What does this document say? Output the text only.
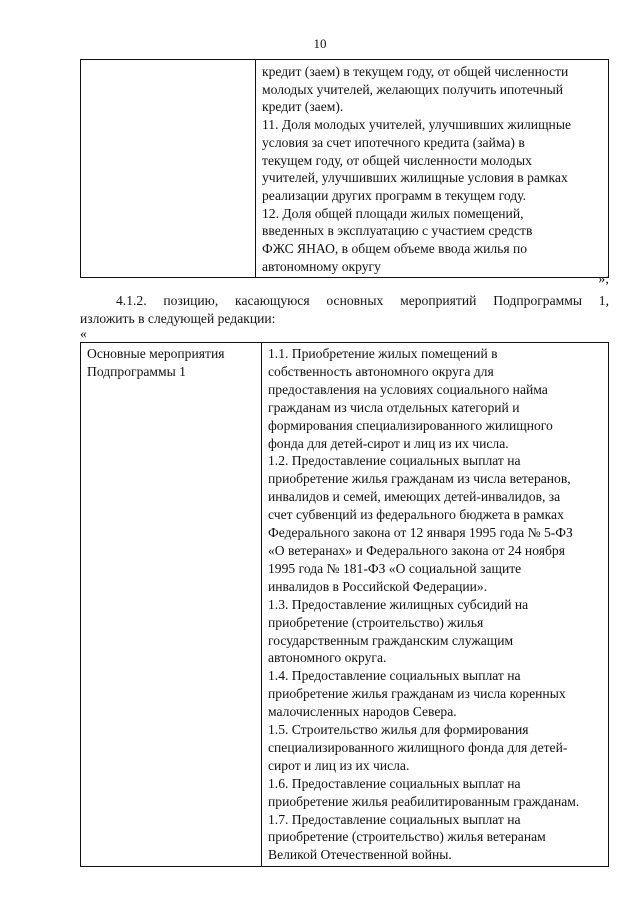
10

кредит (заем) в текущем году, от общей численности
молодых учителей, желающих получить ипотечный
кредит (заем).
11. Доля молодых учителей, улучшивших жилищные
условия за счет ипотечного кредита (займа) в
текущем году, от общей численности молодых
учителей, улучшивших жилищные условия в рамках
реализации других программ в текущем году.
12. Доля общей площади жилых помещений,
введенных в эксплуатацию с участием средств
ФЖС ЯНАО, в общем объеме ввода жилья по
автономному округу
»;
4.1.2. позицию, касающуюся основных мероприятий Подпрограммы 1,
изложить в следующей редакции:
«
Основные мероприятия
Подпрограммы 1

1.1. Приобретение жилых помещений в
собственность автономного округа для
предоставления на условиях социального найма
гражданам из числа отдельных категорий и
формирования специализированного жилищного
фонда для детей-сирот и лиц из их числа.
1.2. Предоставление социальных выплат на
приобретение жилья гражданам из числа ветеранов,
инвалидов и семей, имеющих детей-инвалидов, за
счет субвенций из федерального бюджета в рамках
Федерального закона от 12 января 1995 года № 5-ФЗ
«О ветеранах» и Федерального закона от 24 ноября
1995 года № 181-ФЗ «О социальной защите
инвалидов в Российской Федерации».
1.3. Предоставление жилищных субсидий на
приобретение (строительство) жилья
государственным гражданским служащим
автономного округа.
1.4. Предоставление социальных выплат на
приобретение жилья гражданам из числа коренных
малочисленных народов Севера.
1.5. Строительство жилья для формирования
специализированного жилищного фонда для детей-
сирот и лиц из их числа.
1.6. Предоставление социальных выплат на
приобретение жилья реабилитированным гражданам.
1.7. Предоставление социальных выплат на
приобретение (строительство) жилья ветеранам
Великой Отечественной войны.
